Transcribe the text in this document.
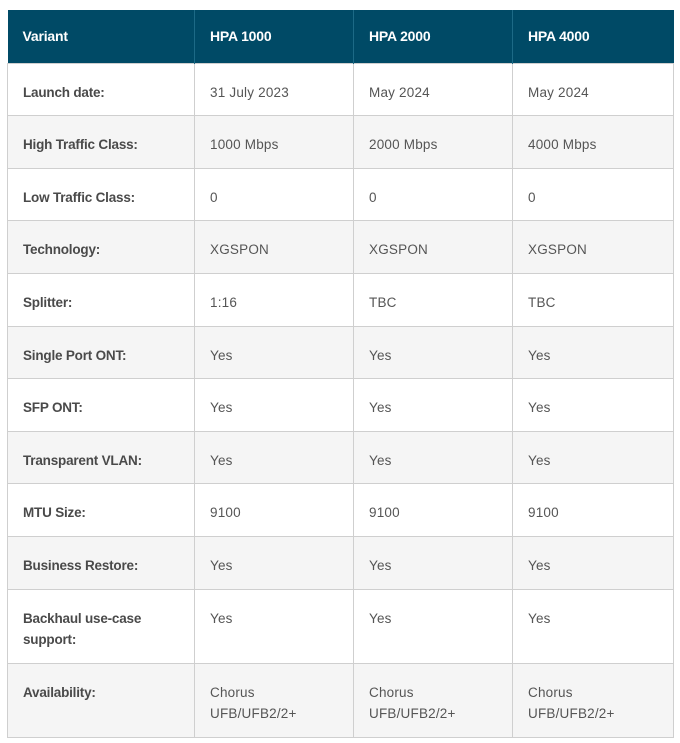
Variant	HPA 1000	HPA 2000	HPA 4000
Launch date:	31 July 2023	May 2024	May 2024
High Traffic Class:	1000 Mbps	2000 Mbps	4000 Mbps
Low Traffic Class:	0	0	0
Technology:	XGSPON	XGSPON	XGSPON
Splitter:	1:16	TBC	TBC
Single Port ONT:	Yes	Yes	Yes
SFP ONT:	Yes	Yes	Yes
Transparent VLAN:	Yes	Yes	Yes
MTU Size:	9100	9100	9100
Business Restore:	Yes	Yes	Yes
Backhaul use-case support:	Yes	Yes	Yes
Availability:	Chorus UFB/UFB2/2+	Chorus UFB/UFB2/2+	Chorus UFB/UFB2/2+
